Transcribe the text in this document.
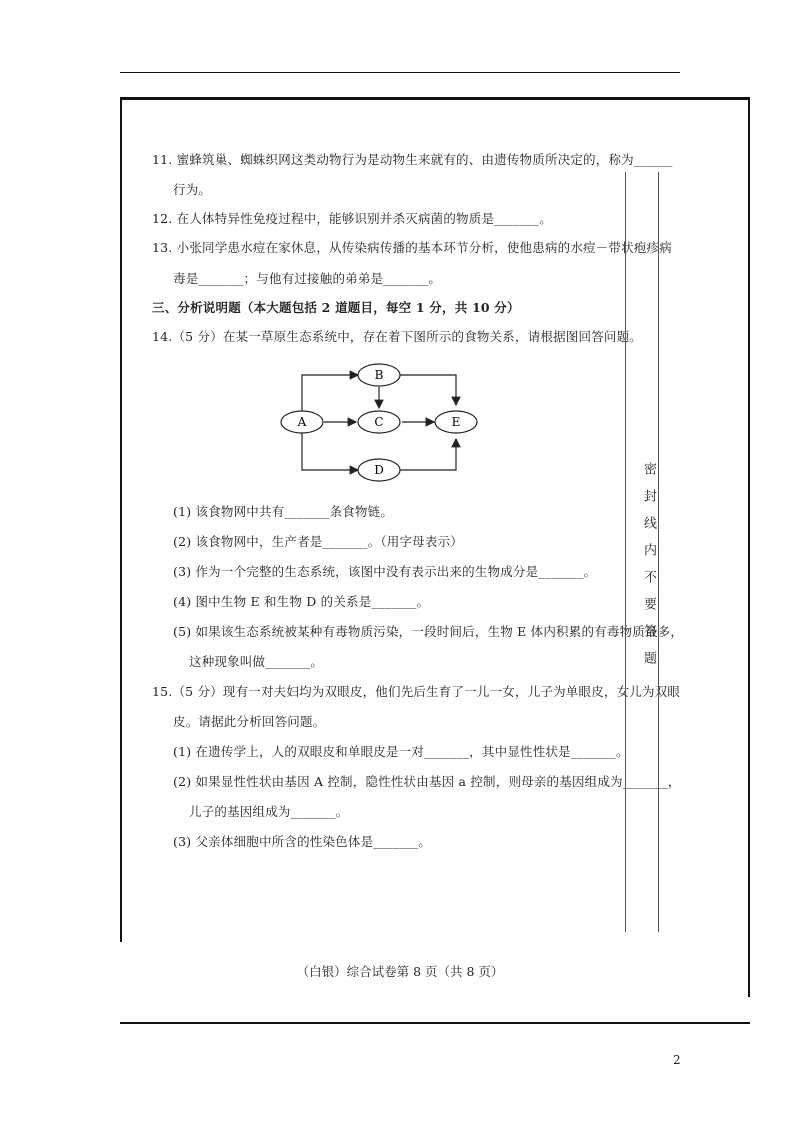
11. 蜜蜂筑巢、蜘蛛织网这类动物行为是动物生来就有的、由遗传物质所决定的，称为______
行为。
12. 在人体特异性免疫过程中，能够识别并杀灭病菌的物质是_______。
13. 小张同学患水痘在家休息，从传染病传播的基本环节分析，使他患病的水痘－带状疱疹病
毒是_______；与他有过接触的弟弟是_______。
三、分析说明题（本大题包括 2 道题目，每空 1 分，共 10 分）
14.（5 分）在某一草原生态系统中，存在着下图所示的食物关系，请根据图回答问题。
A
B
C
D
E
(1) 该食物网中共有_______条食物链。
(2) 该食物网中，生产者是_______。（用字母表示）
(3) 作为一个完整的生态系统，该图中没有表示出来的生物成分是_______。
(4) 图中生物 E 和生物 D 的关系是_______。
(5) 如果该生态系统被某种有毒物质污染，一段时间后，生物 E 体内积累的有毒物质最多，
这种现象叫做_______。
15.（5 分）现有一对夫妇均为双眼皮，他们先后生育了一儿一女，儿子为单眼皮，女儿为双眼
皮。请据此分析回答问题。
(1) 在遗传学上，人的双眼皮和单眼皮是一对_______，其中显性性状是_______。
(2) 如果显性性状由基因 A 控制，隐性性状由基因 a 控制，则母亲的基因组成为_______，
儿子的基因组成为_______。
(3) 父亲体细胞中所含的性染色体是_______。
密封线内不要答题
（白银）综合试卷第 8 页（共 8 页）
2
